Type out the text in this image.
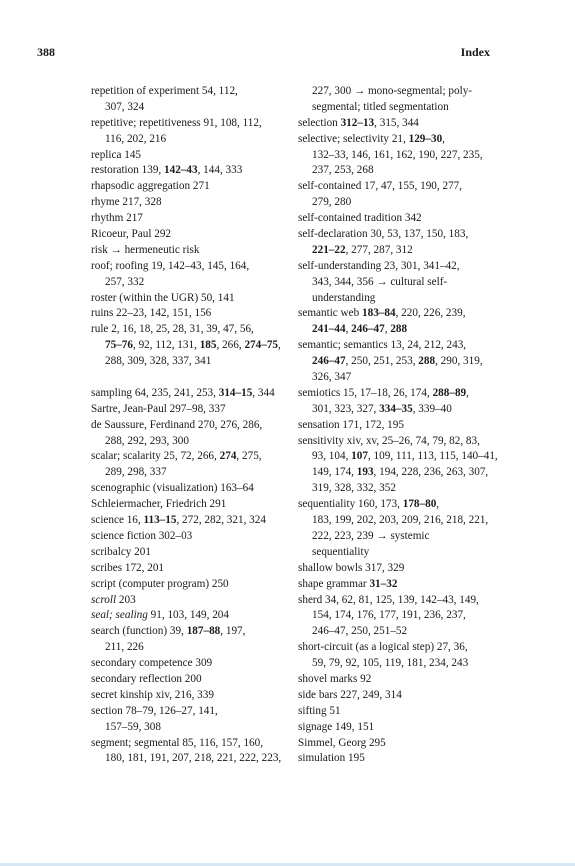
388	Index
repetition of experiment 54, 112,
307, 324
repetitive; repetitiveness 91, 108, 112,
116, 202, 216
replica 145
restoration 139, 142–43, 144, 333
rhapsodic aggregation 271
rhyme 217, 328
rhythm 217
Ricoeur, Paul 292
risk → hermeneutic risk
roof; roofing 19, 142–43, 145, 164,
257, 332
roster (within the UGR) 50, 141
ruins 22–23, 142, 151, 156
rule 2, 16, 18, 25, 28, 31, 39, 47, 56,
75–76, 92, 112, 131, 185, 266, 274–75,
288, 309, 328, 337, 341
sampling 64, 235, 241, 253, 314–15, 344
Sartre, Jean-Paul 297–98, 337
de Saussure, Ferdinand 270, 276, 286,
288, 292, 293, 300
scalar; scalarity 25, 72, 266, 274, 275,
289, 298, 337
scenographic (visualization) 163–64
Schleiermacher, Friedrich 291
science 16, 113–15, 272, 282, 321, 324
science fiction 302–03
scribalcy 201
scribes 172, 201
script (computer program) 250
scroll 203
seal; sealing 91, 103, 149, 204
search (function) 39, 187–88, 197,
211, 226
secondary competence 309
secondary reflection 200
secret kinship xiv, 216, 339
section 78–79, 126–27, 141,
157–59, 308
segment; segmental 85, 116, 157, 160,
180, 181, 191, 207, 218, 221, 222, 223,
227, 300 → mono-segmental; poly-
segmental; titled segmentation
selection 312–13, 315, 344
selective; selectivity 21, 129–30,
132–33, 146, 161, 162, 190, 227, 235,
237, 253, 268
self-contained 17, 47, 155, 190, 277,
279, 280
self-contained tradition 342
self-declaration 30, 53, 137, 150, 183,
221–22, 277, 287, 312
self-understanding 23, 301, 341–42,
343, 344, 356 → cultural self-
understanding
semantic web 183–84, 220, 226, 239,
241–44, 246–47, 288
semantic; semantics 13, 24, 212, 243,
246–47, 250, 251, 253, 288, 290, 319,
326, 347
semiotics 15, 17–18, 26, 174, 288–89,
301, 323, 327, 334–35, 339–40
sensation 171, 172, 195
sensitivity xiv, xv, 25–26, 74, 79, 82, 83,
93, 104, 107, 109, 111, 113, 115, 140–41,
149, 174, 193, 194, 228, 236, 263, 307,
319, 328, 332, 352
sequentiality 160, 173, 178–80,
183, 199, 202, 203, 209, 216, 218, 221,
222, 223, 239 → systemic
sequentiality
shallow bowls 317, 329
shape grammar 31–32
sherd 34, 62, 81, 125, 139, 142–43, 149,
154, 174, 176, 177, 191, 236, 237,
246–47, 250, 251–52
short-circuit (as a logical step) 27, 36,
59, 79, 92, 105, 119, 181, 234, 243
shovel marks 92
side bars 227, 249, 314
sifting 51
signage 149, 151
Simmel, Georg 295
simulation 195
